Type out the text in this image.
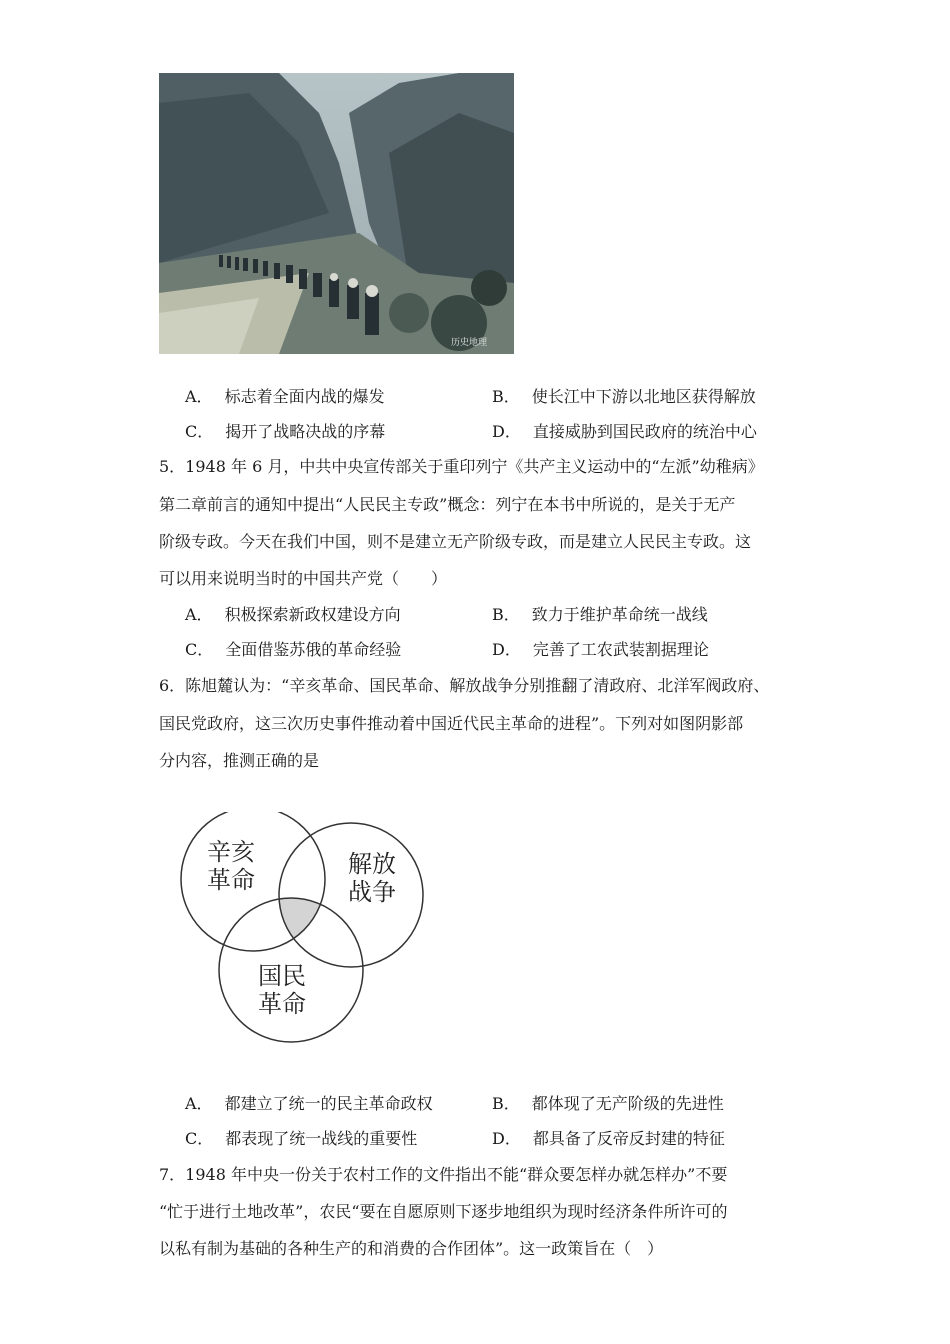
历史地理
A． 标志着全面内战的爆发	B． 使长江中下游以北地区获得解放
C． 揭开了战略决战的序幕	D． 直接威胁到国民政府的统治中心
5．1948 年 6 月，中共中央宣传部关于重印列宁《共产主义运动中的“左派”幼稚病》
第二章前言的通知中提出“人民民主专政”概念：列宁在本书中所说的，是关于无产
阶级专政。今天在我们中国，则不是建立无产阶级专政，而是建立人民民主专政。这
可以用来说明当时的中国共产党（　　）
A． 积极探索新政权建设方向	B． 致力于维护革命统一战线
C． 全面借鉴苏俄的革命经验	D． 完善了工农武装割据理论
6．陈旭麓认为：“辛亥革命、国民革命、解放战争分别推翻了清政府、北洋军阀政府、
国民党政府，这三次历史事件推动着中国近代民主革命的进程”。下列对如图阴影部
分内容，推测正确的是
辛亥
革命
解放
战争
国民
革命
A． 都建立了统一的民主革命政权	B． 都体现了无产阶级的先进性
C． 都表现了统一战线的重要性	D． 都具备了反帝反封建的特征
7．1948 年中央一份关于农村工作的文件指出不能“群众要怎样办就怎样办”不要
“忙于进行土地改革”，农民“要在自愿原则下逐步地组织为现时经济条件所许可的
以私有制为基础的各种生产的和消费的合作团体”。这一政策旨在（　）
